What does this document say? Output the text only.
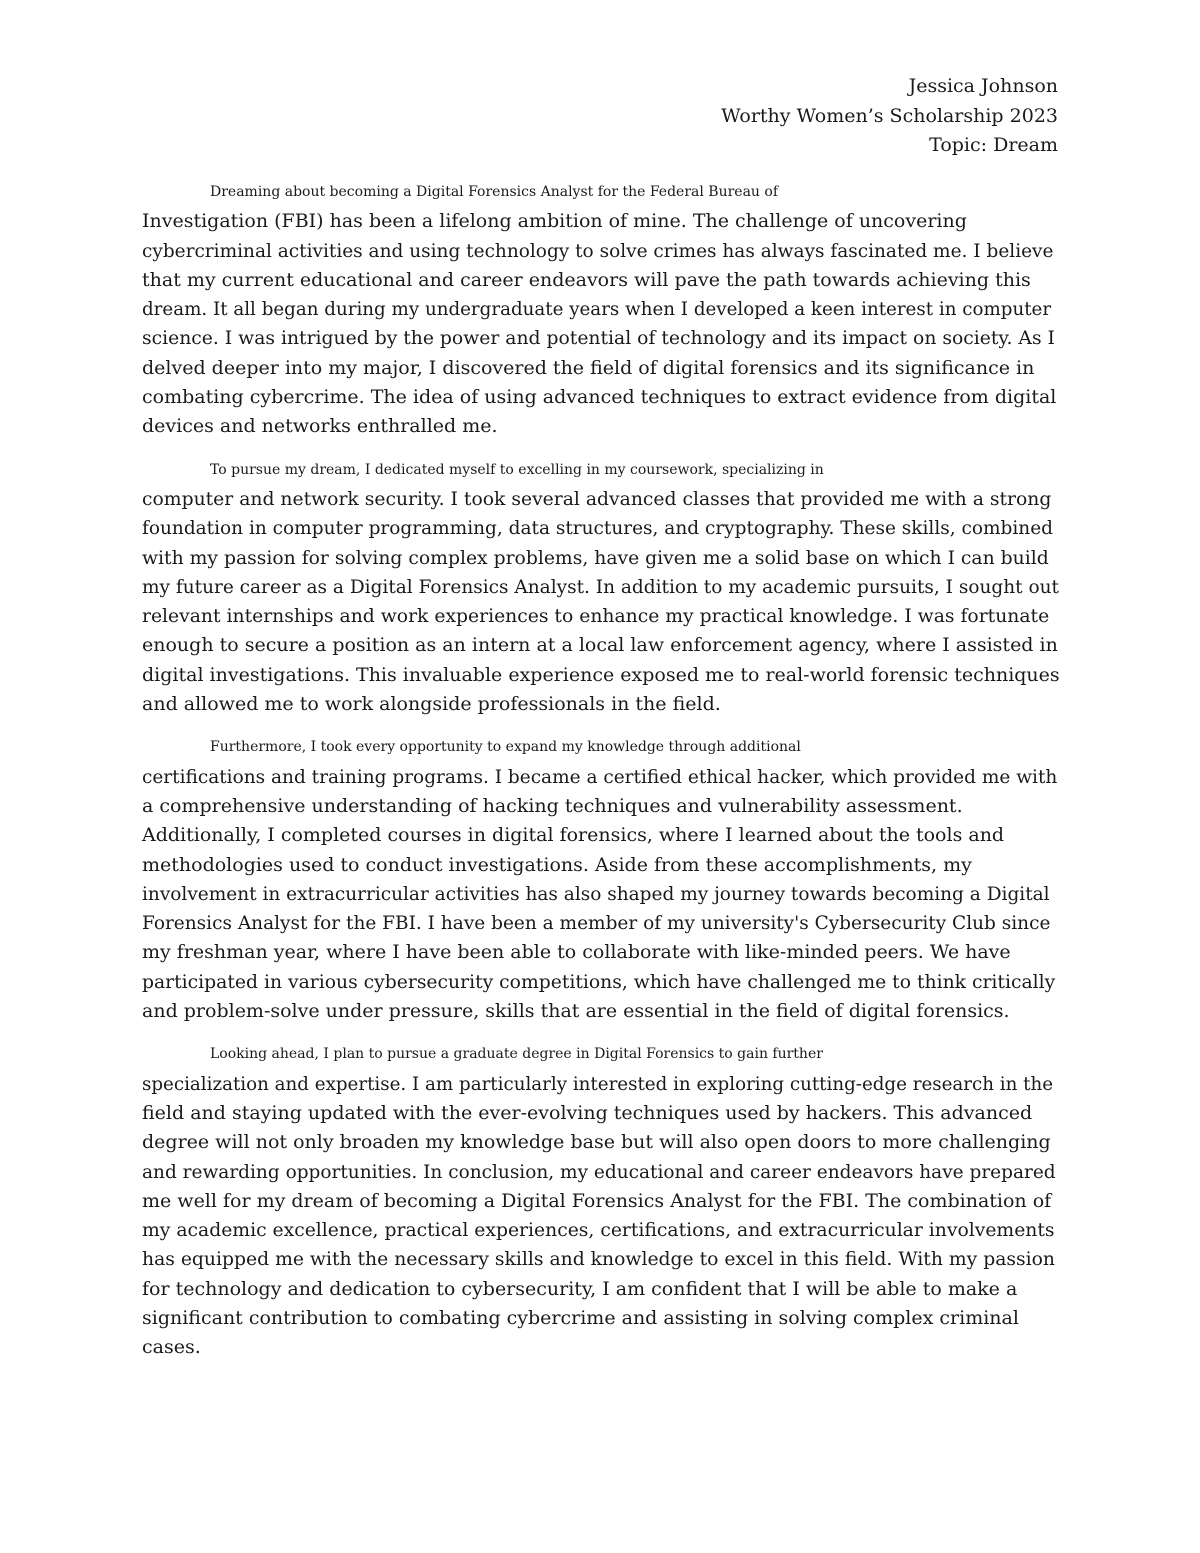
Jessica Johnson
Worthy Women’s Scholarship 2023
Topic: Dream

Dreaming about becoming a Digital Forensics Analyst for the Federal Bureau of
Investigation (FBI) has been a lifelong ambition of mine. The challenge of uncovering
cybercriminal activities and using technology to solve crimes has always fascinated me. I believe
that my current educational and career endeavors will pave the path towards achieving this
dream. It all began during my undergraduate years when I developed a keen interest in computer
science. I was intrigued by the power and potential of technology and its impact on society. As I
delved deeper into my major, I discovered the field of digital forensics and its significance in
combating cybercrime. The idea of using advanced techniques to extract evidence from digital
devices and networks enthralled me.

To pursue my dream, I dedicated myself to excelling in my coursework, specializing in
computer and network security. I took several advanced classes that provided me with a strong
foundation in computer programming, data structures, and cryptography. These skills, combined
with my passion for solving complex problems, have given me a solid base on which I can build
my future career as a Digital Forensics Analyst. In addition to my academic pursuits, I sought out
relevant internships and work experiences to enhance my practical knowledge. I was fortunate
enough to secure a position as an intern at a local law enforcement agency, where I assisted in
digital investigations. This invaluable experience exposed me to real-world forensic techniques
and allowed me to work alongside professionals in the field.

Furthermore, I took every opportunity to expand my knowledge through additional
certifications and training programs. I became a certified ethical hacker, which provided me with
a comprehensive understanding of hacking techniques and vulnerability assessment.
Additionally, I completed courses in digital forensics, where I learned about the tools and
methodologies used to conduct investigations. Aside from these accomplishments, my
involvement in extracurricular activities has also shaped my journey towards becoming a Digital
Forensics Analyst for the FBI. I have been a member of my university's Cybersecurity Club since
my freshman year, where I have been able to collaborate with like-minded peers. We have
participated in various cybersecurity competitions, which have challenged me to think critically
and problem-solve under pressure, skills that are essential in the field of digital forensics.

Looking ahead, I plan to pursue a graduate degree in Digital Forensics to gain further
specialization and expertise. I am particularly interested in exploring cutting-edge research in the
field and staying updated with the ever-evolving techniques used by hackers. This advanced
degree will not only broaden my knowledge base but will also open doors to more challenging
and rewarding opportunities. In conclusion, my educational and career endeavors have prepared
me well for my dream of becoming a Digital Forensics Analyst for the FBI. The combination of
my academic excellence, practical experiences, certifications, and extracurricular involvements
has equipped me with the necessary skills and knowledge to excel in this field. With my passion
for technology and dedication to cybersecurity, I am confident that I will be able to make a
significant contribution to combating cybercrime and assisting in solving complex criminal
cases.
